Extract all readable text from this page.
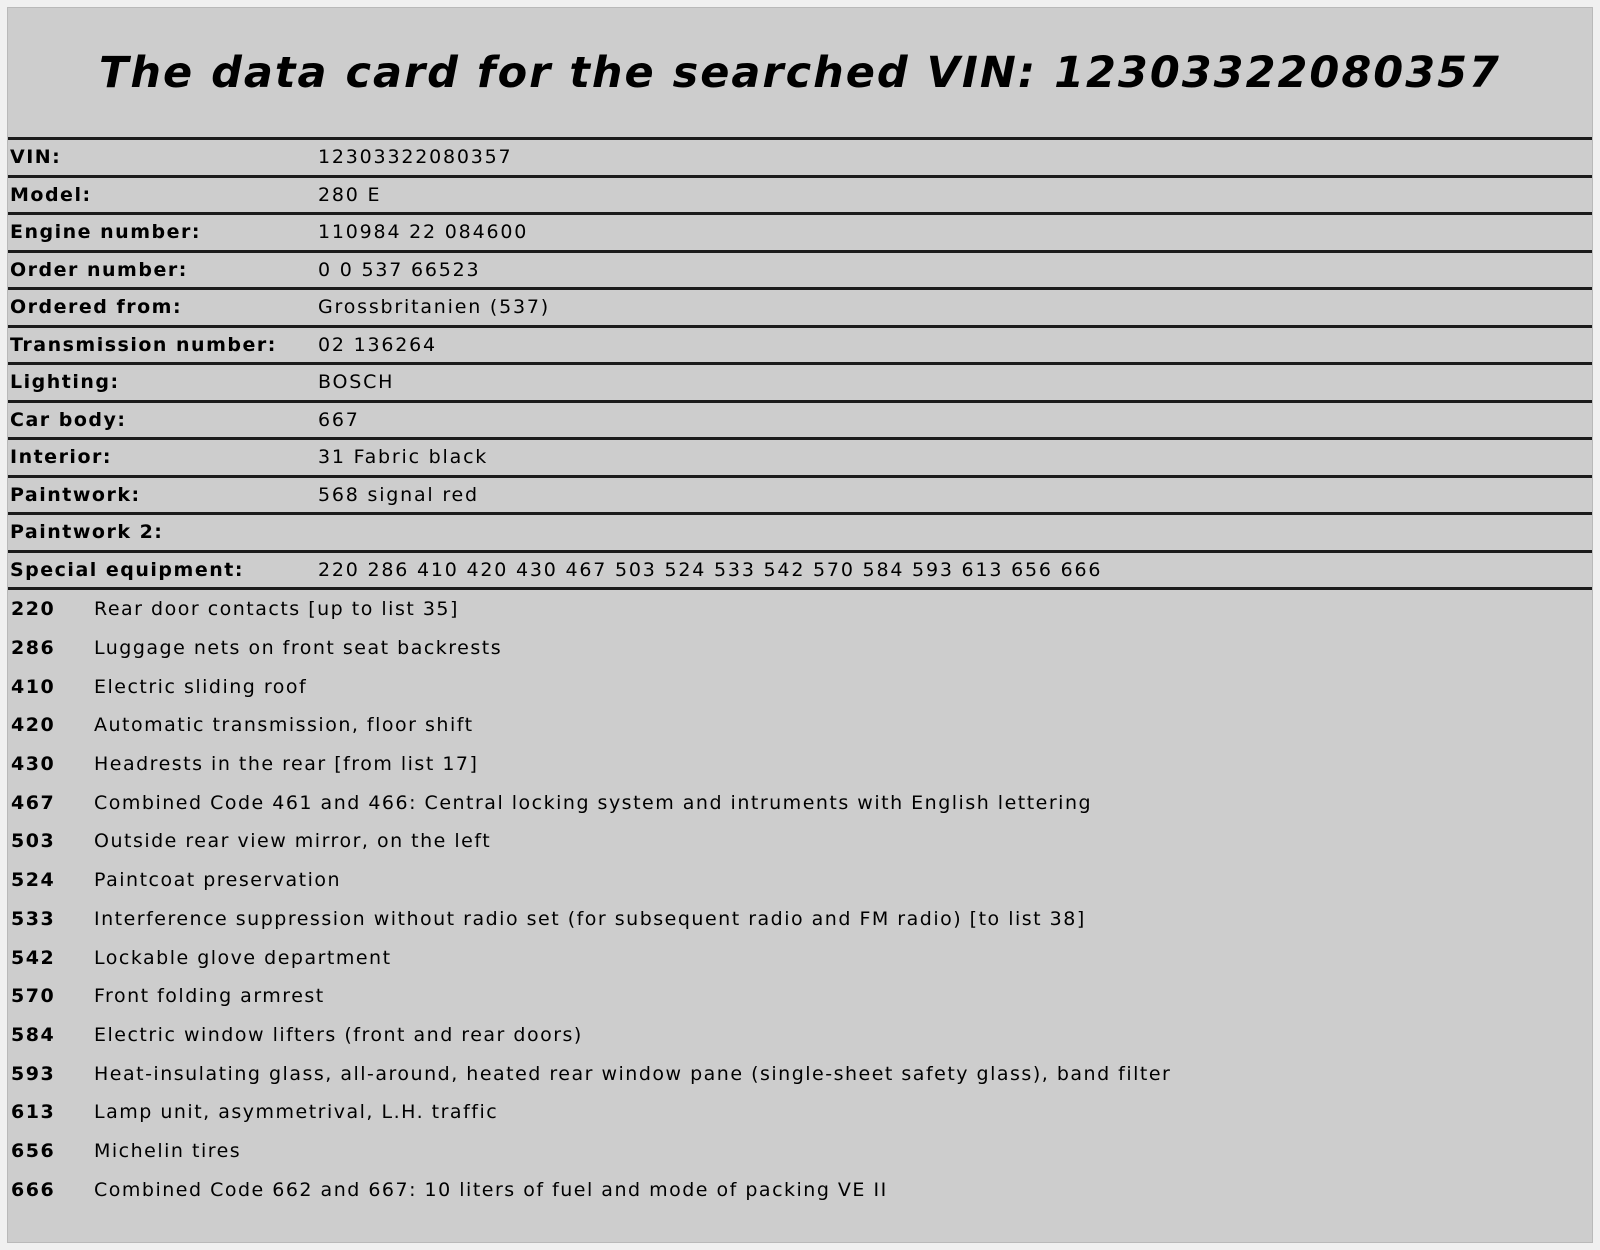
The data card for the searched VIN: 12303322080357
VIN:	12303322080357
Model:	280 E
Engine number:	110984 22 084600
Order number:	0 0 537 66523
Ordered from:	Grossbritanien (537)
Transmission number:	02 136264
Lighting:	BOSCH
Car body:	667
Interior:	31 Fabric black
Paintwork:	568 signal red
Paintwork 2:
Special equipment:	220 286 410 420 430 467 503 524 533 542 570 584 593 613 656 666
220	Rear door contacts [up to list 35]
286	Luggage nets on front seat backrests
410	Electric sliding roof
420	Automatic transmission, floor shift
430	Headrests in the rear [from list 17]
467	Combined Code 461 and 466: Central locking system and intruments with English lettering
503	Outside rear view mirror, on the left
524	Paintcoat preservation
533	Interference suppression without radio set (for subsequent radio and FM radio) [to list 38]
542	Lockable glove department
570	Front folding armrest
584	Electric window lifters (front and rear doors)
593	Heat-insulating glass, all-around, heated rear window pane (single-sheet safety glass), band filter
613	Lamp unit, asymmetrival, L.H. traffic
656	Michelin tires
666	Combined Code 662 and 667: 10 liters of fuel and mode of packing VE II
